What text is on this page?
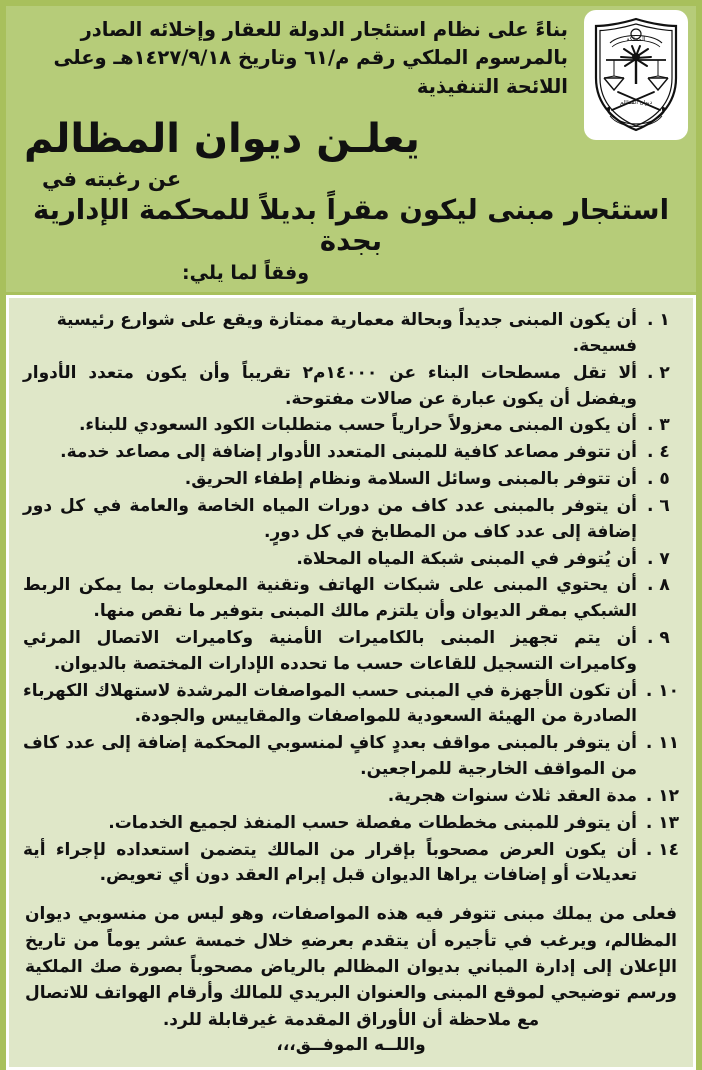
المملكة
ديوان المظالم
بناءً على نظام استئجار الدولة للعقار وإخلائه الصادر بالمرسوم الملكي رقم م/٦١ وتاريخ ١٤٢٧/٩/١٨هـ وعلى اللائحة التنفيذية
يعلـن ديوان المظالم
عن رغبته في
استئجار مبنى ليكون مقراً بديلاً للمحكمة الإدارية بجدة
وفقاً لما يلي:
١ .
أن يكون المبنى جديداً وبحالة معمارية ممتازة ويقع على شوارع رئيسية فسيحة.
٢ .
ألا تقل مسطحات البناء عن ١٤٠٠٠م٢ تقريباً وأن يكون متعدد الأدوار ويفضل أن يكون عبارة عن صالات مفتوحة.
٣ .
أن يكون المبنى معزولاً حرارياً حسب متطلبات الكود السعودي للبناء.
٤ .
أن تتوفر مصاعد كافية للمبنى المتعدد الأدوار إضافة إلى مصاعد خدمة.
٥ .
أن تتوفر بالمبنى وسائل السلامة ونظام إطفاء الحريق.
٦ .
أن يتوفر بالمبنى عدد كاف من دورات المياه الخاصة والعامة في كل دور إضافة إلى عدد كاف من المطابخ في كل دورٍ.
٧ .
أن يُتوفر في المبنى شبكة المياه المحلاة.
٨ .
أن يحتوي المبنى على شبكات الهاتف وتقنية المعلومات بما يمكن الربط الشبكي بمقر الديوان وأن يلتزم مالك المبنى بتوفير ما نقص منها.
٩ .
أن يتم تجهيز المبنى بالكاميرات الأمنية وكاميرات الاتصال المرئي وكاميرات التسجيل للقاعات حسب ما تحدده الإدارات المختصة بالديوان.
١٠ .
أن تكون الأجهزة في المبنى حسب المواصفات المرشدة لاستهلاك الكهرباء الصادرة من الهيئة السعودية للمواصفات والمقاييس والجودة.
١١ .
أن يتوفر بالمبنى مواقف بعددٍ كافٍ لمنسوبي المحكمة إضافة إلى عدد كاف من المواقف الخارجية للمراجعين.
١٢ .
مدة العقد ثلاث سنوات هجرية.
١٣ .
أن يتوفر للمبنى مخططات مفصلة حسب المنفذ لجميع الخدمات.
١٤ .
أن يكون العرض مصحوباً بإقرار من المالك يتضمن استعداده لإجراء أية تعديلات أو إضافات يراها الديوان قبل إبرام العقد دون أي تعويض.
فعلى من يملك مبنى تتوفر فيه هذه المواصفات، وهو ليس من منسوبي ديوان المظالم، ويرغب في تأجيره أن يتقدم بعرضهِ خلال خمسة عشر يوماً من تاريخ الإعلان إلى إدارة المباني بديوان المظالم بالرياض مصحوباً بصورة صك الملكية ورسم توضيحي لموقع المبنى والعنوان البريدي للمالك وأرقام الهواتف للاتصال مع ملاحظة أن الأوراق المقدمة غيرقابلة للرد.
واللــه الموفــق،،،
